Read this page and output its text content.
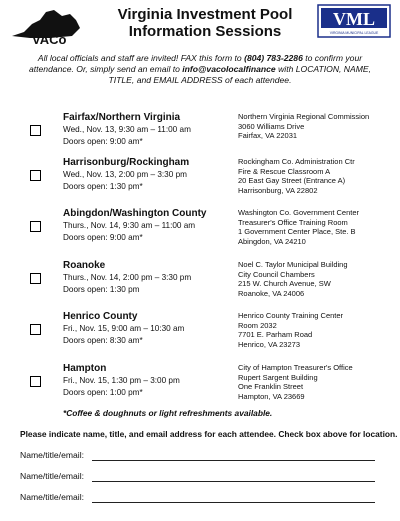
VACo
Virginia Investment Pool
Information Sessions
VML
VIRGINIA MUNICIPAL LEAGUE
All local officials and staff are invited! FAX this form to (804) 783-2286 to confirm your attendance. Or, simply send an email to info@vacolocalfinance with LOCATION, NAME, TITLE, and EMAIL ADDRESS of each attendee.
Fairfax/Northern Virginia
Wed., Nov. 13, 9:30 am – 11:00 am
Doors open: 9:00 am*
Northern Virginia Regional Commission
3060 Williams Drive
Fairfax, VA 22031
Harrisonburg/Rockingham
Wed., Nov. 13, 2:00 pm – 3:30 pm
Doors open: 1:30 pm*
Rockingham Co. Administration Ctr
Fire & Rescue Classroom A
20 East Gay Street (Entrance A)
Harrisonburg, VA 22802
Abingdon/Washington County
Thurs., Nov. 14, 9:30 am – 11:00 am
Doors open: 9:00 am*
Washington Co. Government Center
Treasurer's Office Training Room
1 Government Center Place, Ste. B
Abingdon, VA 24210
Roanoke
Thurs., Nov. 14, 2:00 pm – 3:30 pm
Doors open: 1:30 pm
Noel C. Taylor Municipal Building
City Council Chambers
215 W. Church Avenue, SW
Roanoke, VA 24006
Henrico County
Fri., Nov. 15, 9:00 am – 10:30 am
Doors open: 8:30 am*
Henrico County Training Center
Room 2032
7701 E. Parham Road
Henrico, VA 23273
Hampton
Fri., Nov. 15, 1:30 pm – 3:00 pm
Doors open: 1:00 pm*
City of Hampton Treasurer's Office
Rupert Sargent Building
One Franklin Street
Hampton, VA 23669
*Coffee & doughnuts or light refreshments available.
Please indicate name, title, and email address for each attendee. Check box above for location.
Name/title/email:
Name/title/email:
Name/title/email:
